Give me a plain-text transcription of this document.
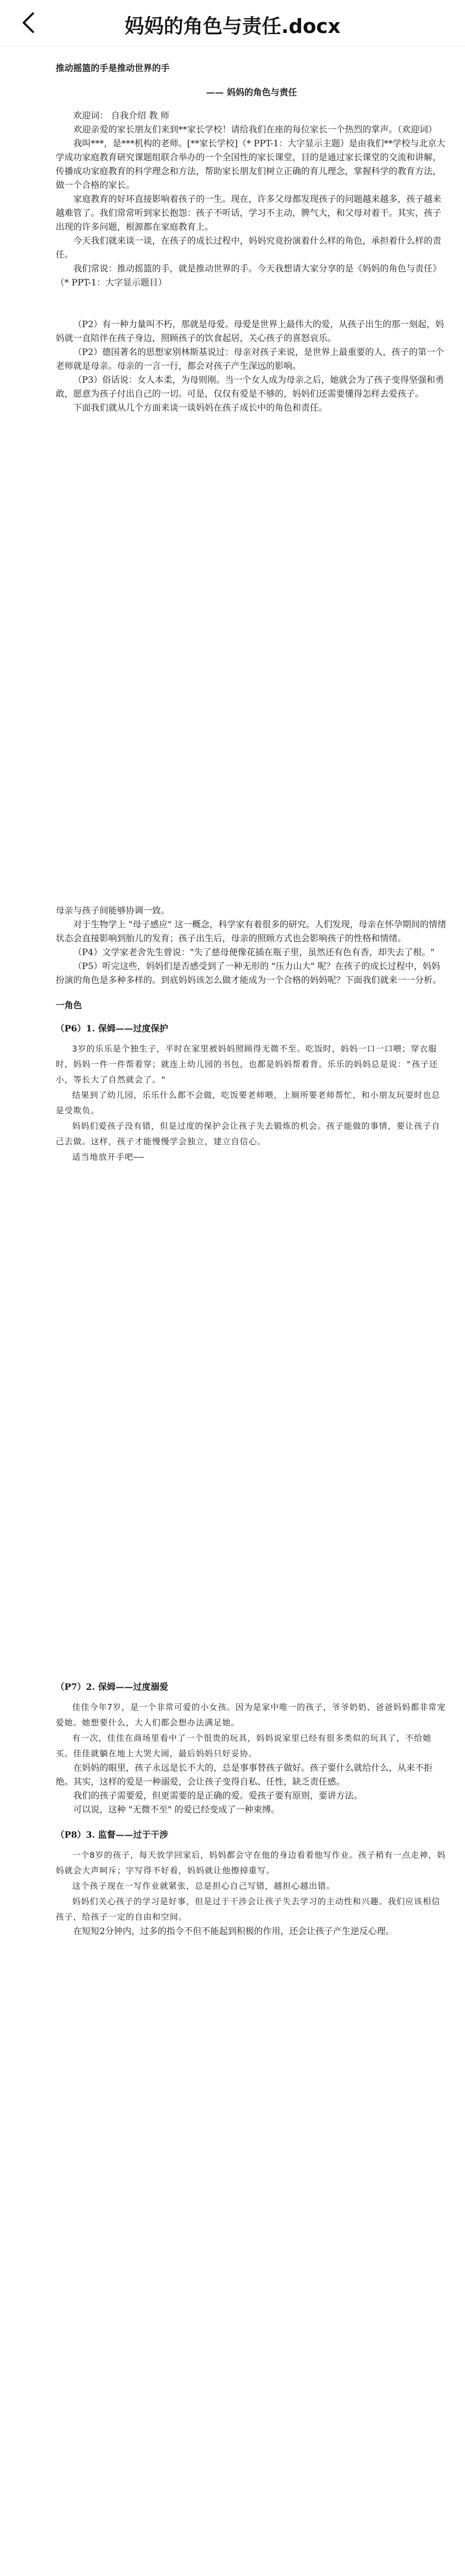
妈妈的角色与责任.docx

推动摇篮的手是推动世界的手

—— 妈妈的角色与责任

欢迎词： 自我介绍 教 师

欢迎亲爱的家长朋友们来到**家长学校！请给我们在座的每位家长一个热烈的掌声。（欢迎词）

我叫***，是***机构的老师。[**家长学校]（* PPT-1：大字显示主题）是由我们**学校与北京大学成功家庭教育研究课题组联合举办的一个全国性的家长课堂，目的是通过家长课堂的交流和讲解，传播成功家庭教育的科学理念和方法，帮助家长朋友们树立正确的育儿理念，掌握科学的教育方法，做一个合格的家长。

家庭教育的好坏直接影响着孩子的一生。现在，许多父母都发现孩子的问题越来越多，孩子越来越难管了。我们常常听到家长抱怨：孩子不听话，学习不主动，脾气大，和父母对着干。其实，孩子出现的许多问题，根源都在家庭教育上。

今天我们就来谈一谈，在孩子的成长过程中，妈妈究竟扮演着什么样的角色，承担着什么样的责任。

我们常说：推动摇篮的手，就是推动世界的手。今天我想请大家分享的是《妈妈的角色与责任》（* PPT-1：大字显示题目）

（P2）有一种力量叫不朽，那就是母爱。母爱是世界上最伟大的爱，从孩子出生的那一刻起，妈妈就一直陪伴在孩子身边，照顾孩子的饮食起居，关心孩子的喜怒哀乐。

（P2）德国著名的思想家别林斯基说过：母亲对孩子来说，是世界上最重要的人，孩子的第一个老师就是母亲。母亲的一言一行，都会对孩子产生深远的影响。

（P3）俗话说：女人本柔，为母则刚。当一个女人成为母亲之后，她就会为了孩子变得坚强和勇敢，愿意为孩子付出自己的一切。可是，仅仅有爱是不够的，妈妈们还需要懂得怎样去爱孩子。

下面我们就从几个方面来谈一谈妈妈在孩子成长中的角色和责任。

母亲与孩子间能够协调一致。

对于生物学上 "母子感应" 这一概念，科学家有着很多的研究。人们发现，母亲在怀孕期间的情绪状态会直接影响到胎儿的发育；孩子出生后，母亲的照顾方式也会影响孩子的性格和情绪。

（P4）文学家老舍先生曾说："失了慈母便像花插在瓶子里，虽然还有色有香，却失去了根。"

（P5）听完这些，妈妈们是否感受到了一种无形的 "压力山大" 呢？在孩子的成长过程中，妈妈扮演的角色是多种多样的。到底妈妈该怎么做才能成为一个合格的妈妈呢？下面我们就来一一分析。

一角色

（P6）1. 保姆——过度保护

3岁的乐乐是个独生子，平时在家里被妈妈照顾得无微不至。吃饭时，妈妈一口一口喂；穿衣服时，妈妈一件一件帮着穿；就连上幼儿园的书包，也都是妈妈帮着背。乐乐的妈妈总是说："孩子还小，等长大了自然就会了。"

结果到了幼儿园，乐乐什么都不会做，吃饭要老师喂，上厕所要老师帮忙，和小朋友玩耍时也总是受欺负。

妈妈们爱孩子没有错，但是过度的保护会让孩子失去锻炼的机会。孩子能做的事情，要让孩子自己去做。这样，孩子才能慢慢学会独立，建立自信心。

适当地放开手吧——

（P7）2. 保姆——过度溺爱

佳佳今年7岁，是一个非常可爱的小女孩。因为是家中唯一的孩子，爷爷奶奶、爸爸妈妈都非常宠爱她。她想要什么，大人们都会想办法满足她。

有一次，佳佳在商场里看中了一个很贵的玩具，妈妈说家里已经有很多类似的玩具了，不给她买。佳佳就躺在地上大哭大闹，最后妈妈只好妥协。

在妈妈的眼里，孩子永远是长不大的，总是事事替孩子做好。孩子要什么就给什么，从来不拒绝。其实，这样的爱是一种溺爱，会让孩子变得自私、任性，缺乏责任感。

我们的孩子需要爱，但更需要的是正确的爱。爱孩子要有原则，要讲方法。

可以说，这种 "无微不至" 的爱已经变成了一种束缚。

（P8）3. 监督——过于干涉

一个8岁的孩子，每天放学回家后，妈妈都会守在他的身边看着他写作业。孩子稍有一点走神，妈妈就会大声呵斥；字写得不好看，妈妈就让他擦掉重写。

这个孩子现在一写作业就紧张，总是担心自己写错，越担心越出错。

妈妈们关心孩子的学习是好事，但是过于干涉会让孩子失去学习的主动性和兴趣。我们应该相信孩子，给孩子一定的自由和空间。

在短短2分钟内，过多的指令不但不能起到积极的作用，还会让孩子产生逆反心理。
